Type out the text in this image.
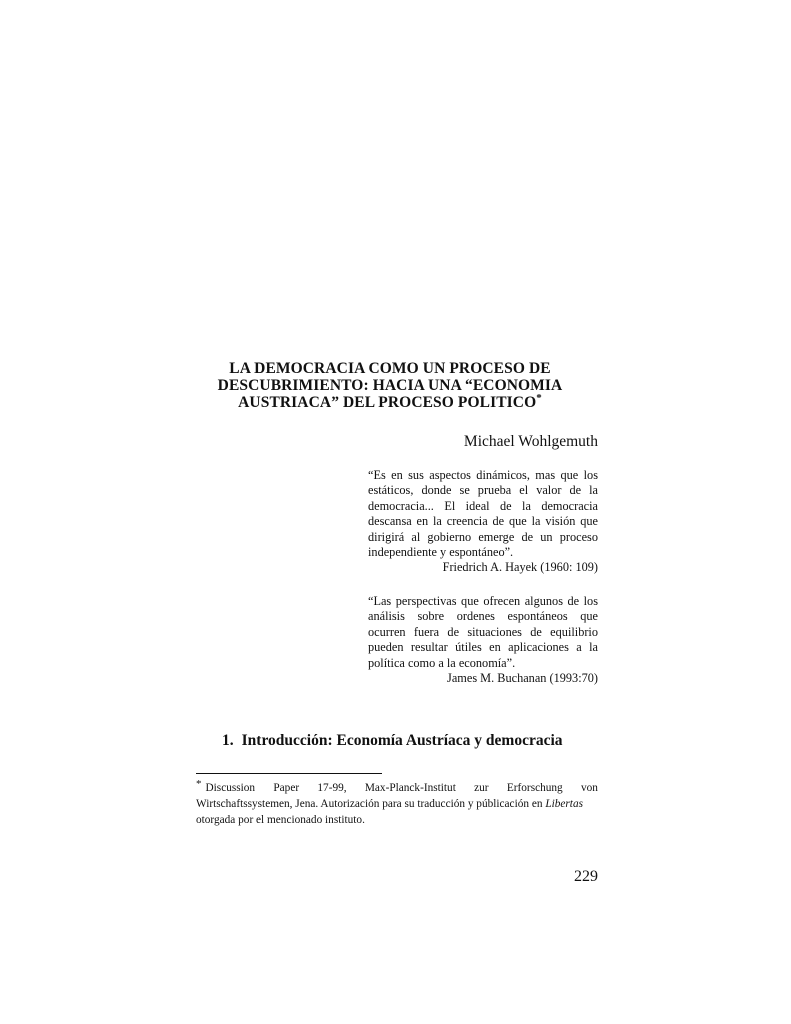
LA DEMOCRACIA COMO UN PROCESO DE
DESCUBRIMIENTO: HACIA UNA “ECONOMIA
AUSTRIACA” DEL PROCESO POLITICO*
Michael Wohlgemuth
“Es en sus aspectos dinámicos, mas que los estáticos, donde se prueba el valor de la democracia... El ideal de la democracia descansa en la creencia de que la visión que dirigirá al gobierno emerge de un proceso independiente y espontáneo”.
Friedrich A. Hayek (1960: 109)
“Las perspectivas que ofrecen algunos de los análisis sobre ordenes espontáneos que ocurren fuera de situaciones de equilibrio pueden resultar útiles en aplicaciones a la política como a la economía”.
James M. Buchanan (1993:70)
1. Introducción: Economía Austríaca y democracia
* Discussion Paper 17-99, Max-Planck-Institut zur Erforschung von
Wirtschaftssystemen, Jena. Autorización para su traducción y públicación en Libertas
otorgada por el mencionado instituto.
229
